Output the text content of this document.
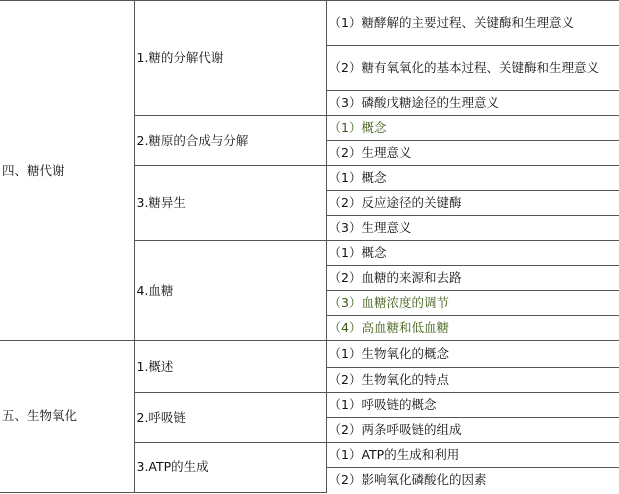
四、糖代谢	1.糖的分解代谢	（1）糖酵解的主要过程、关键酶和生理意义
		（2）糖有氧氧化的基本过程、关键酶和生理意义
		（3）磷酸戊糖途径的生理意义
	2.糖原的合成与分解	（1）概念
		（2）生理意义
	3.糖异生	（1）概念
		（2）反应途径的关键酶
		（3）生理意义
	4.血糖	（1）概念
		（2）血糖的来源和去路
		（3）血糖浓度的调节
		（4）高血糖和低血糖
五、生物氧化	1.概述	（1）生物氧化的概念
		（2）生物氧化的特点
	2.呼吸链	（1）呼吸链的概念
		（2）两条呼吸链的组成
	3.ATP的生成	（1）ATP的生成和利用
		（2）影响氧化磷酸化的因素
